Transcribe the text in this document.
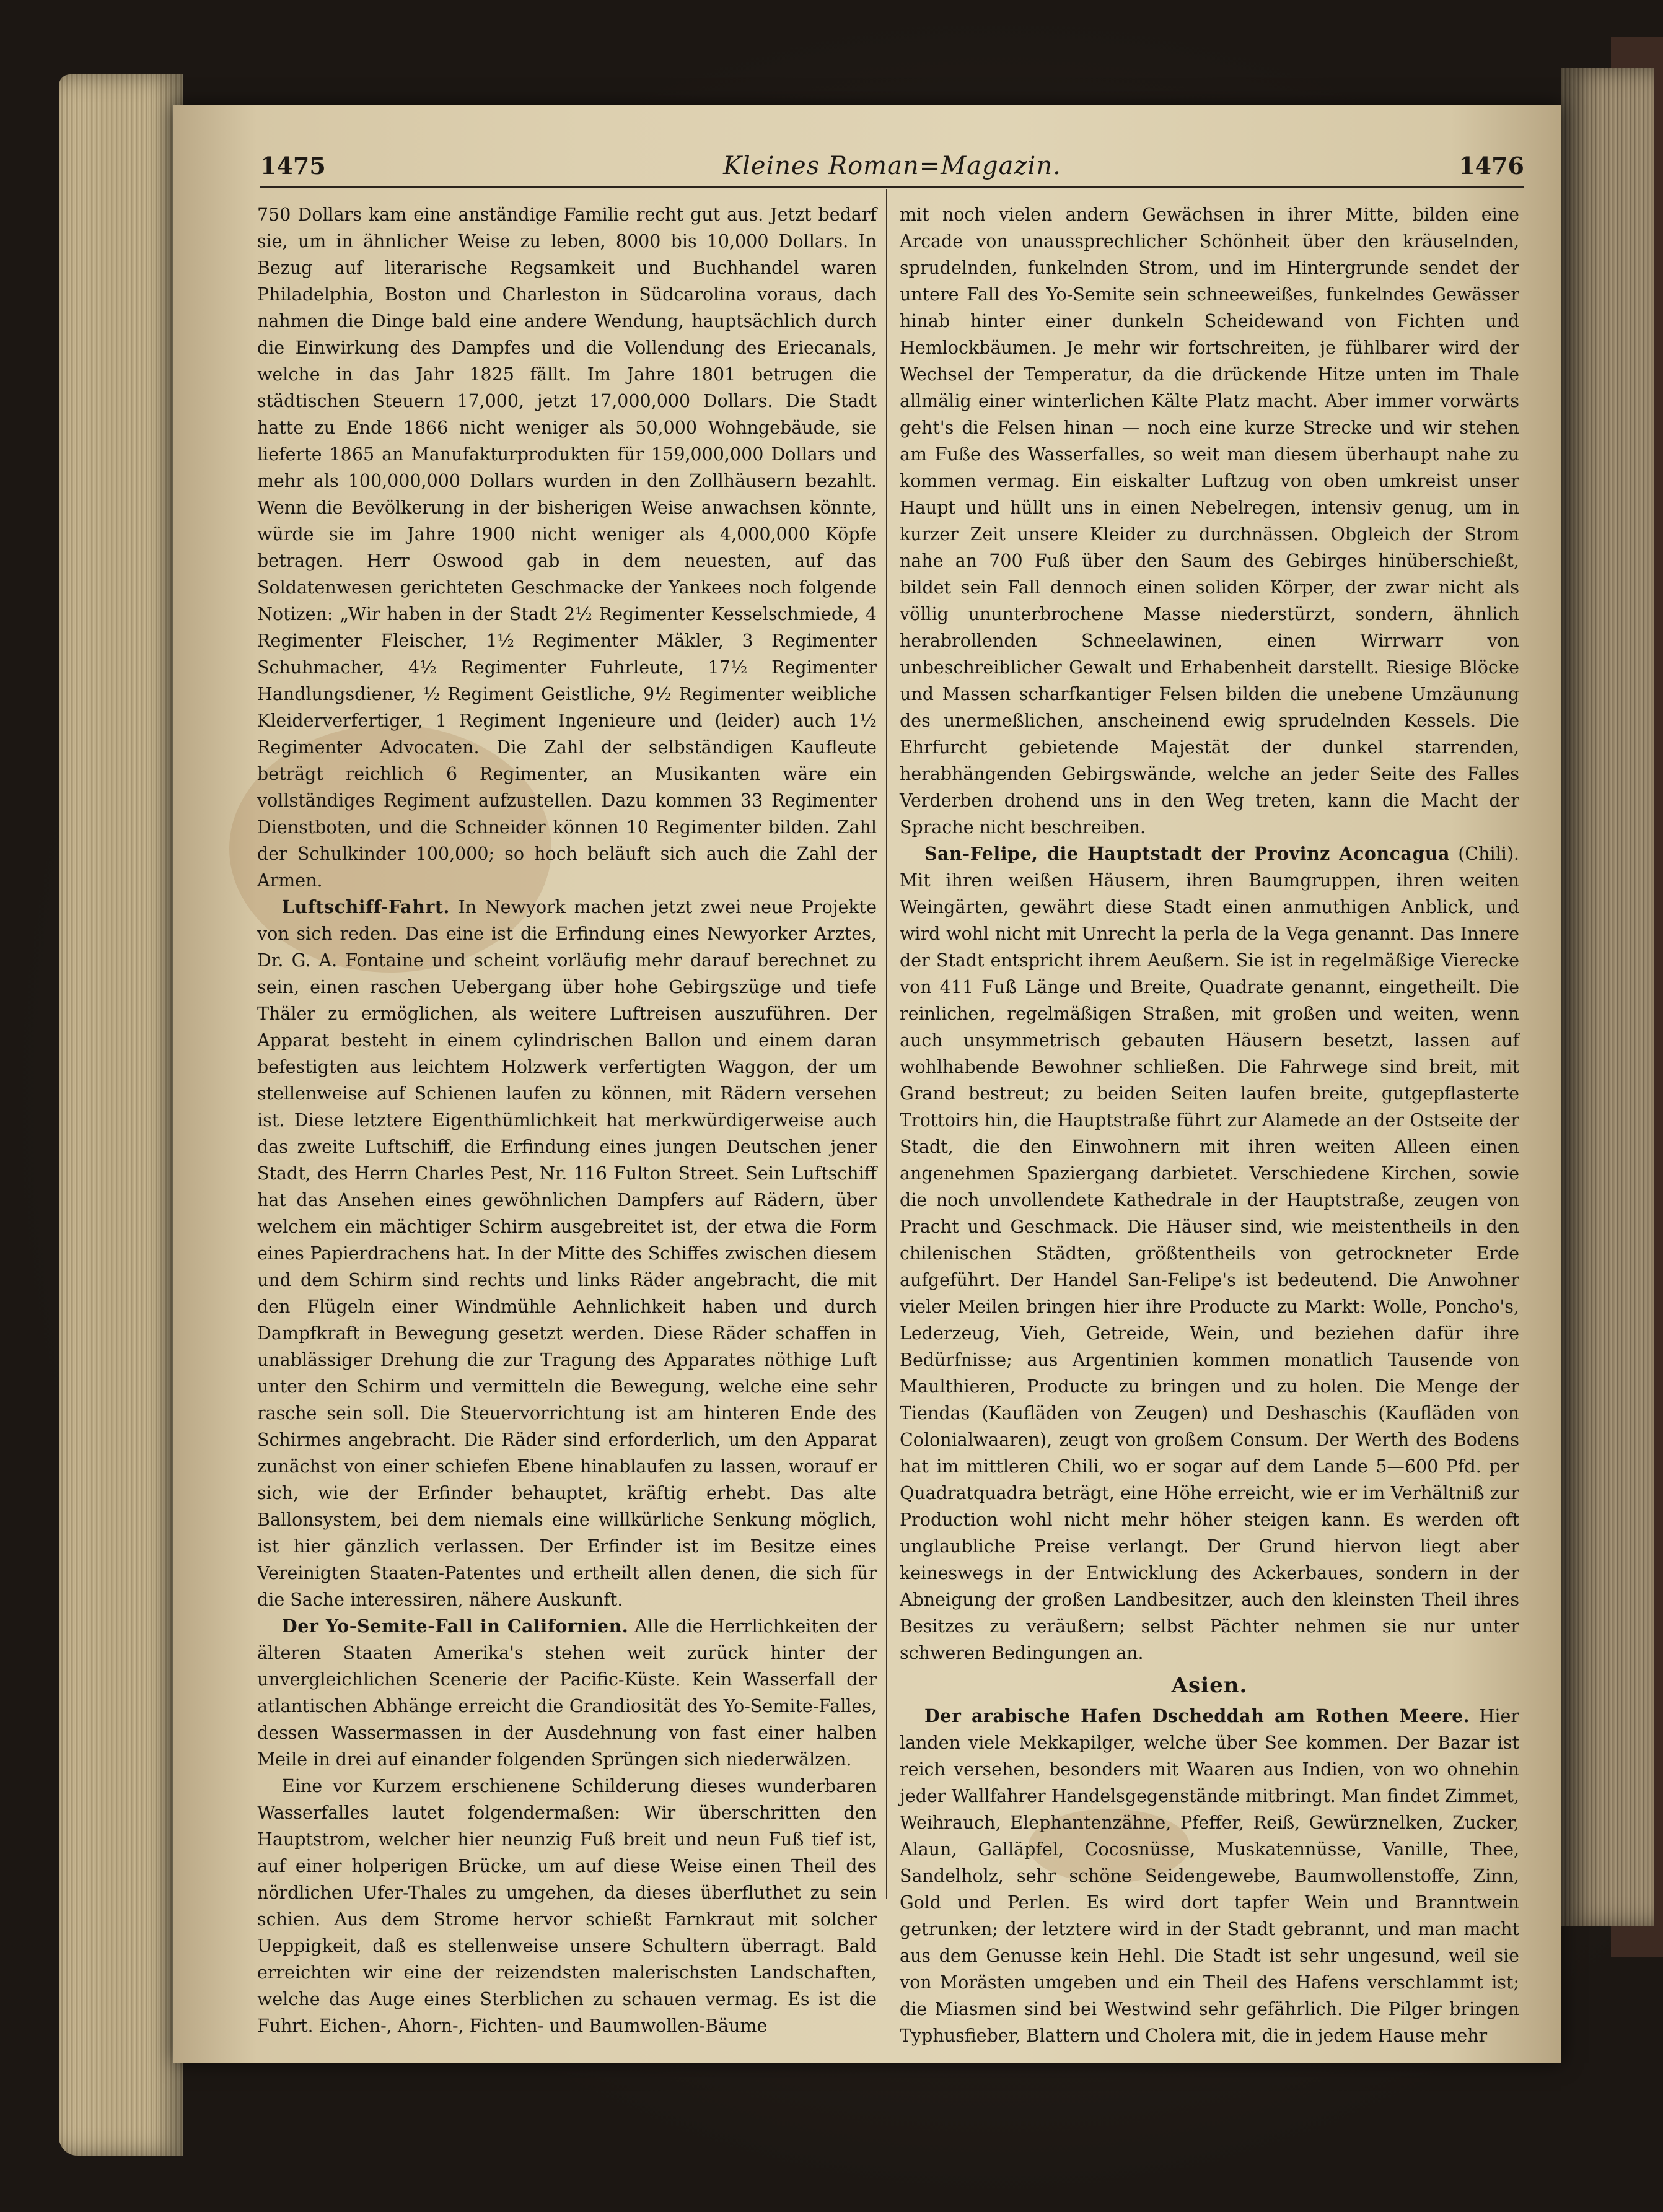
1475	Kleines Roman=Magazin.	1476

750 Dollars kam eine anständige Familie recht gut aus. Jetzt bedarf sie, um in ähnlicher Weise zu leben, 8000 bis 10,000 Dollars. In Bezug auf literarische Regsamkeit und Buchhandel waren Philadelphia, Boston und Charleston in Südcarolina voraus, dach nahmen die Dinge bald eine andere Wendung, hauptsächlich durch die Einwirkung des Dampfes und die Vollendung des Eriecanals, welche in das Jahr 1825 fällt. Im Jahre 1801 betrugen die städtischen Steuern 17,000, jetzt 17,000,000 Dollars. Die Stadt hatte zu Ende 1866 nicht weniger als 50,000 Wohngebäude, sie lieferte 1865 an Manufakturprodukten für 159,000,000 Dollars und mehr als 100,000,000 Dollars wurden in den Zollhäusern bezahlt. Wenn die Bevölkerung in der bisherigen Weise anwachsen könnte, würde sie im Jahre 1900 nicht weniger als 4,000,000 Köpfe betragen. Herr Oswood gab in dem neuesten, auf das Soldatenwesen gerichteten Geschmacke der Yankees noch folgende Notizen: „Wir haben in der Stadt 2½ Regimenter Kesselschmiede, 4 Regimenter Fleischer, 1½ Regimenter Mäkler, 3 Regimenter Schuhmacher, 4½ Regimenter Fuhrleute, 17½ Regimenter Handlungsdiener, ½ Regiment Geistliche, 9½ Regimenter weibliche Kleiderverfertiger, 1 Regiment Ingenieure und (leider) auch 1½ Regimenter Advocaten. Die Zahl der selbständigen Kaufleute beträgt reichlich 6 Regimenter, an Musikanten wäre ein vollständiges Regiment aufzustellen. Dazu kommen 33 Regimenter Dienstboten, und die Schneider können 10 Regimenter bilden. Zahl der Schulkinder 100,000; so hoch beläuft sich auch die Zahl der Armen.

Luftschiff-Fahrt. In Newyork machen jetzt zwei neue Projekte von sich reden. Das eine ist die Erfindung eines Newyorker Arztes, Dr. G. A. Fontaine und scheint vorläufig mehr darauf berechnet zu sein, einen raschen Uebergang über hohe Gebirgszüge und tiefe Thäler zu ermöglichen, als weitere Luftreisen auszuführen. Der Apparat besteht in einem cylindrischen Ballon und einem daran befestigten aus leichtem Holzwerk verfertigten Waggon, der um stellenweise auf Schienen laufen zu können, mit Rädern versehen ist. Diese letztere Eigenthümlichkeit hat merkwürdigerweise auch das zweite Luftschiff, die Erfindung eines jungen Deutschen jener Stadt, des Herrn Charles Pest, Nr. 116 Fulton Street. Sein Luftschiff hat das Ansehen eines gewöhnlichen Dampfers auf Rädern, über welchem ein mächtiger Schirm ausgebreitet ist, der etwa die Form eines Papierdrachens hat. In der Mitte des Schiffes zwischen diesem und dem Schirm sind rechts und links Räder angebracht, die mit den Flügeln einer Windmühle Aehnlichkeit haben und durch Dampfkraft in Bewegung gesetzt werden. Diese Räder schaffen in unablässiger Drehung die zur Tragung des Apparates nöthige Luft unter den Schirm und vermitteln die Bewegung, welche eine sehr rasche sein soll. Die Steuervorrichtung ist am hinteren Ende des Schirmes angebracht. Die Räder sind erforderlich, um den Apparat zunächst von einer schiefen Ebene hinablaufen zu lassen, worauf er sich, wie der Erfinder behauptet, kräftig erhebt. Das alte Ballonsystem, bei dem niemals eine willkürliche Senkung möglich, ist hier gänzlich verlassen. Der Erfinder ist im Besitze eines Vereinigten Staaten-Patentes und ertheilt allen denen, die sich für die Sache interessiren, nähere Auskunft.

Der Yo-Semite-Fall in Californien. Alle die Herrlichkeiten der älteren Staaten Amerika's stehen weit zurück hinter der unvergleichlichen Scenerie der Pacific-Küste. Kein Wasserfall der atlantischen Abhänge erreicht die Grandiosität des Yo-Semite-Falles, dessen Wassermassen in der Ausdehnung von fast einer halben Meile in drei auf einander folgenden Sprüngen sich niederwälzen.

Eine vor Kurzem erschienene Schilderung dieses wunderbaren Wasserfalles lautet folgendermaßen: Wir überschritten den Hauptstrom, welcher hier neunzig Fuß breit und neun Fuß tief ist, auf einer holperigen Brücke, um auf diese Weise einen Theil des nördlichen Ufer-Thales zu umgehen, da dieses überfluthet zu sein schien. Aus dem Strome hervor schießt Farnkraut mit solcher Ueppigkeit, daß es stellenweise unsere Schultern überragt. Bald erreichten wir eine der reizendsten malerischsten Landschaften, welche das Auge eines Sterblichen zu schauen vermag. Es ist die Fuhrt. Eichen-, Ahorn-, Fichten- und Baumwollen-Bäume

mit noch vielen andern Gewächsen in ihrer Mitte, bilden eine Arcade von unaussprechlicher Schönheit über den kräuselnden, sprudelnden, funkelnden Strom, und im Hintergrunde sendet der untere Fall des Yo-Semite sein schneeweißes, funkelndes Gewässer hinab hinter einer dunkeln Scheidewand von Fichten und Hemlockbäumen. Je mehr wir fortschreiten, je fühlbarer wird der Wechsel der Temperatur, da die drückende Hitze unten im Thale allmälig einer winterlichen Kälte Platz macht. Aber immer vorwärts geht's die Felsen hinan — noch eine kurze Strecke und wir stehen am Fuße des Wasserfalles, so weit man diesem überhaupt nahe zu kommen vermag. Ein eiskalter Luftzug von oben umkreist unser Haupt und hüllt uns in einen Nebelregen, intensiv genug, um in kurzer Zeit unsere Kleider zu durchnässen. Obgleich der Strom nahe an 700 Fuß über den Saum des Gebirges hinüberschießt, bildet sein Fall dennoch einen soliden Körper, der zwar nicht als völlig ununterbrochene Masse niederstürzt, sondern, ähnlich herabrollenden Schneelawinen, einen Wirrwarr von unbeschreiblicher Gewalt und Erhabenheit darstellt. Riesige Blöcke und Massen scharfkantiger Felsen bilden die unebene Umzäunung des unermeßlichen, anscheinend ewig sprudelnden Kessels. Die Ehrfurcht gebietende Majestät der dunkel starrenden, herabhängenden Gebirgswände, welche an jeder Seite des Falles Verderben drohend uns in den Weg treten, kann die Macht der Sprache nicht beschreiben.

San-Felipe, die Hauptstadt der Provinz Aconcagua (Chili). Mit ihren weißen Häusern, ihren Baumgruppen, ihren weiten Weingärten, gewährt diese Stadt einen anmuthigen Anblick, und wird wohl nicht mit Unrecht la perla de la Vega genannt. Das Innere der Stadt entspricht ihrem Aeußern. Sie ist in regelmäßige Vierecke von 411 Fuß Länge und Breite, Quadrate genannt, eingetheilt. Die reinlichen, regelmäßigen Straßen, mit großen und weiten, wenn auch unsymmetrisch gebauten Häusern besetzt, lassen auf wohlhabende Bewohner schließen. Die Fahrwege sind breit, mit Grand bestreut; zu beiden Seiten laufen breite, gutgepflasterte Trottoirs hin, die Hauptstraße führt zur Alamede an der Ostseite der Stadt, die den Einwohnern mit ihren weiten Alleen einen angenehmen Spaziergang darbietet. Verschiedene Kirchen, sowie die noch unvollendete Kathedrale in der Hauptstraße, zeugen von Pracht und Geschmack. Die Häuser sind, wie meistentheils in den chilenischen Städten, größtentheils von getrockneter Erde aufgeführt. Der Handel San-Felipe's ist bedeutend. Die Anwohner vieler Meilen bringen hier ihre Producte zu Markt: Wolle, Poncho's, Lederzeug, Vieh, Getreide, Wein, und beziehen dafür ihre Bedürfnisse; aus Argentinien kommen monatlich Tausende von Maulthieren, Producte zu bringen und zu holen. Die Menge der Tiendas (Kaufläden von Zeugen) und Deshaschis (Kaufläden von Colonialwaaren), zeugt von großem Consum. Der Werth des Bodens hat im mittleren Chili, wo er sogar auf dem Lande 5—600 Pfd. per Quadratquadra beträgt, eine Höhe erreicht, wie er im Verhältniß zur Production wohl nicht mehr höher steigen kann. Es werden oft unglaubliche Preise verlangt. Der Grund hiervon liegt aber keineswegs in der Entwicklung des Ackerbaues, sondern in der Abneigung der großen Landbesitzer, auch den kleinsten Theil ihres Besitzes zu veräußern; selbst Pächter nehmen sie nur unter schweren Bedingungen an.

Asien.

Der arabische Hafen Dscheddah am Rothen Meere. Hier landen viele Mekkapilger, welche über See kommen. Der Bazar ist reich versehen, besonders mit Waaren aus Indien, von wo ohnehin jeder Wallfahrer Handelsgegenstände mitbringt. Man findet Zimmet, Weihrauch, Elephantenzähne, Pfeffer, Reiß, Gewürznelken, Zucker, Alaun, Galläpfel, Cocosnüsse, Muskatennüsse, Vanille, Thee, Sandelholz, sehr schöne Seidengewebe, Baumwollenstoffe, Zinn, Gold und Perlen. Es wird dort tapfer Wein und Branntwein getrunken; der letztere wird in der Stadt gebrannt, und man macht aus dem Genusse kein Hehl. Die Stadt ist sehr ungesund, weil sie von Morästen umgeben und ein Theil des Hafens verschlammt ist; die Miasmen sind bei Westwind sehr gefährlich. Die Pilger bringen Typhusfieber, Blattern und Cholera mit, die in jedem Hause mehr
